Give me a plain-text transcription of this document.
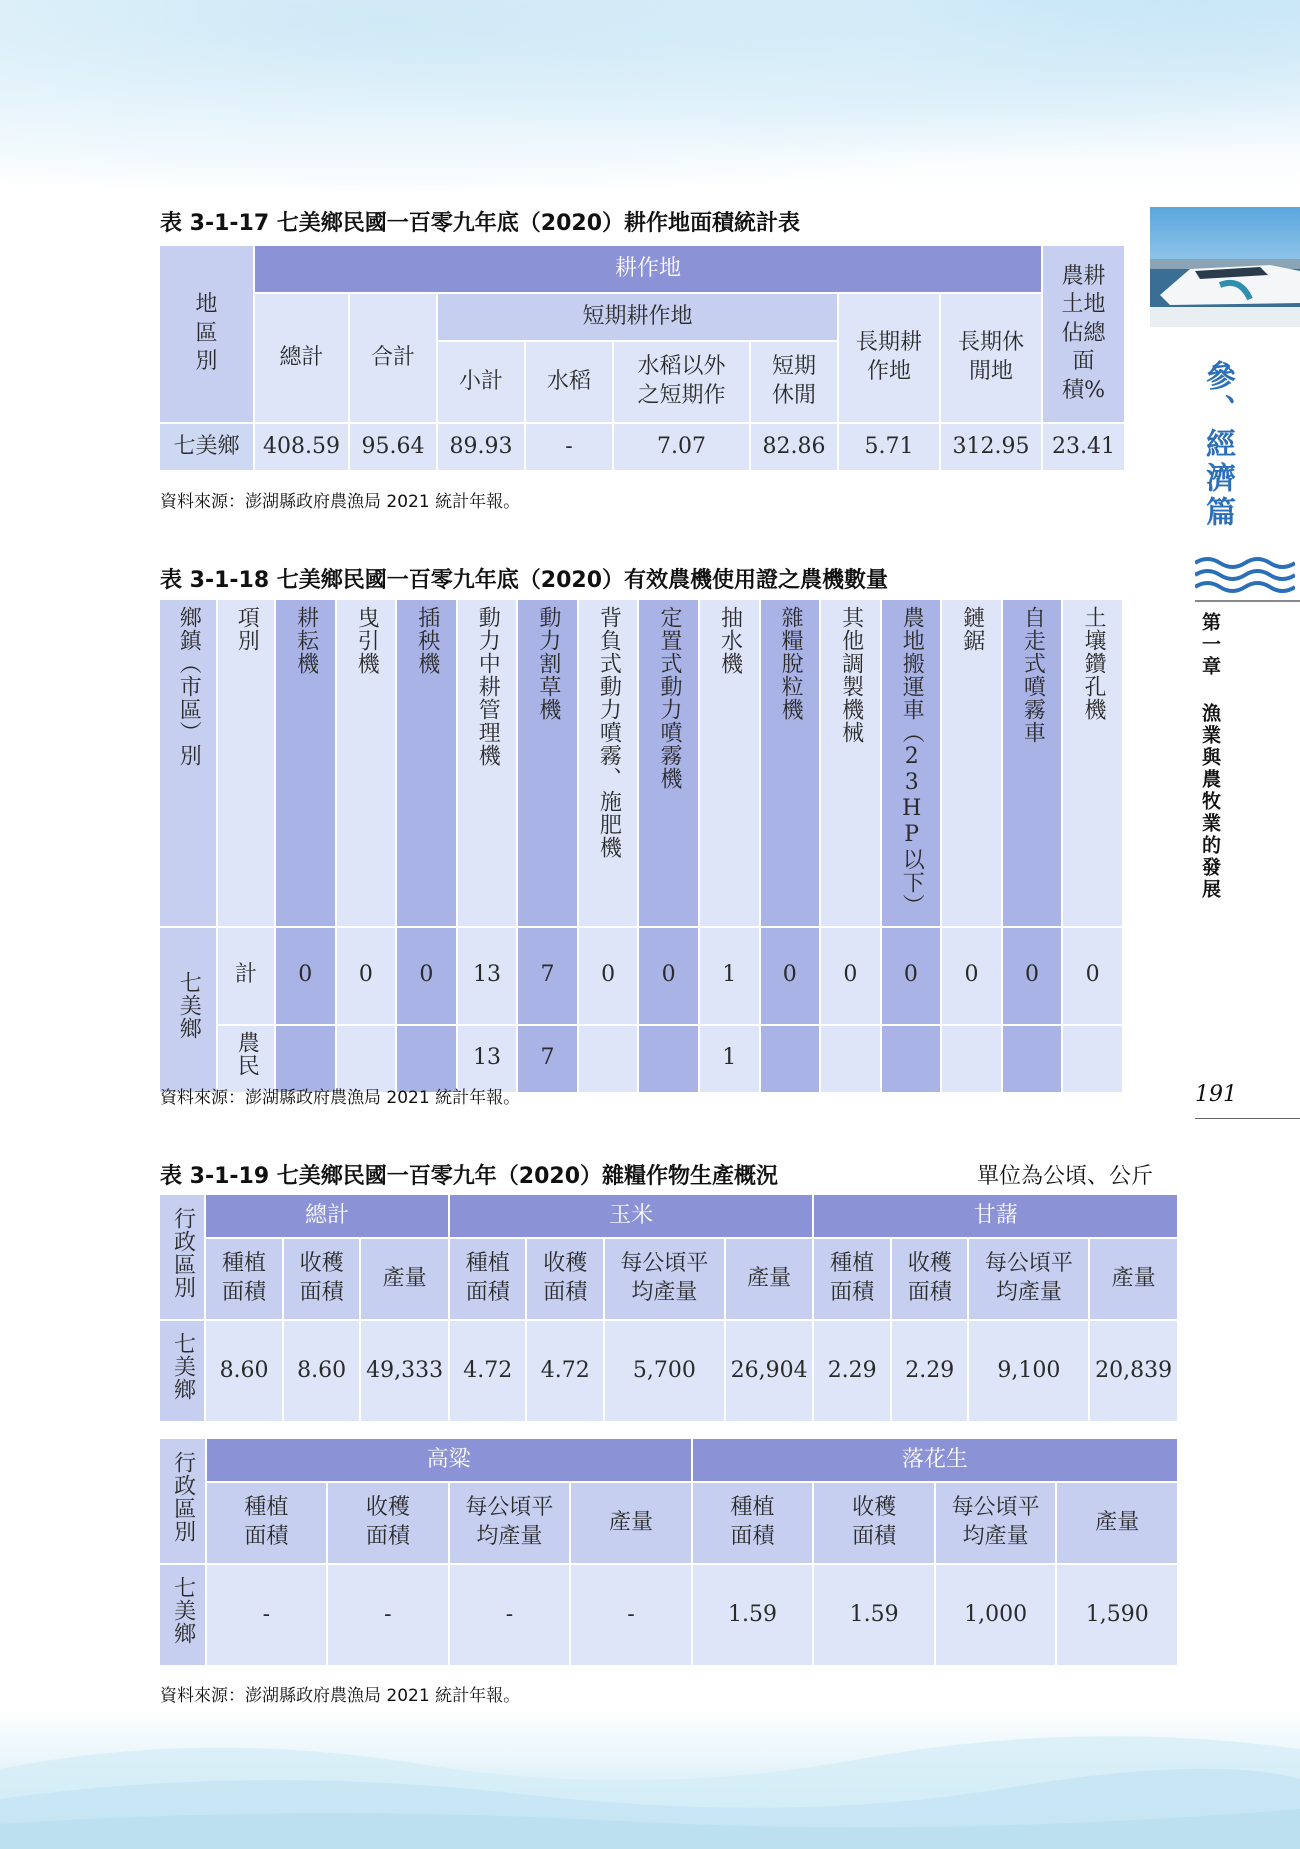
表 3-1-17 七美鄉民國一百零九年底（2020）耕作地面積統計表
地區別	耕作地								農耕土地佔總面積%
	總計	合計	短期耕作地				長期耕作地	長期休閒地	
			小計	水稻	水稻以外之短期作	短期休閒			
七美鄉	408.59	95.64	89.93	-	7.07	82.86	5.71	312.95	23.41
資料來源：澎湖縣政府農漁局 2021 統計年報。
表 3-1-18 七美鄉民國一百零九年底（2020）有效農機使用證之農機數量
鄉鎮（市區）別	項別	耕耘機	曳引機	插秧機	動力中耕管理機	動力割草機	背負式動力噴霧、施肥機	定置式動力噴霧機	抽水機	雜糧脫粒機	其他調製機械	農地搬運車（23HP以下）	鏈鋸	自走式噴霧車	土壤鑽孔機
七美鄉	計	0	0	0	13	7	0	0	1	0	0	0	0	0	0
	農民				13	7			1						
資料來源：澎湖縣政府農漁局 2021 統計年報。
表 3-1-19 七美鄉民國一百零九年（2020）雜糧作物生產概況	單位為公頃、公斤
行政區別	總計			玉米				甘藷			
	種植面積	收穫面積	產量	種植面積	收穫面積	每公頃平均產量	產量	種植面積	收穫面積	每公頃平均產量	產量
七美鄉	8.60	8.60	49,333	4.72	4.72	5,700	26,904	2.29	2.29	9,100	20,839
行政區別	高粱				落花生			
	種植面積	收穫面積	每公頃平均產量	產量	種植面積	收穫面積	每公頃平均產量	產量
七美鄉	-	-	-	-	1.59	1.59	1,000	1,590
資料來源：澎湖縣政府農漁局 2021 統計年報。
參、經濟篇
第一章 漁業與農牧業的發展
191
